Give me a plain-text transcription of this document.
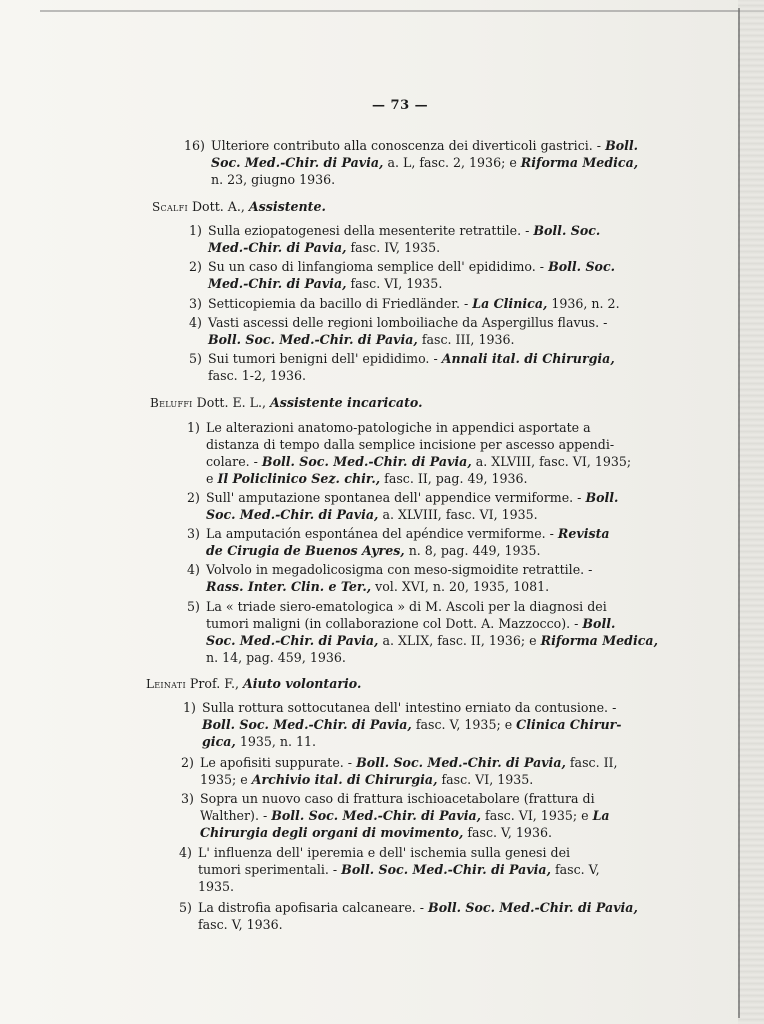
— 73 —
16) Ulteriore contributo alla conoscenza dei diverticoli gastrici. - Boll.
Soc. Med.-Chir. di Pavia, a. L, fasc. 2, 1936; e Riforma Medica,
n. 23, giugno 1936.
Scalfi Dott. A., Assistente.
1) Sulla eziopatogenesi della mesenterite retrattile. - Boll. Soc.
Med.-Chir. di Pavia, fasc. IV, 1935.
2) Su un caso di linfangioma semplice dell' epididimo. - Boll. Soc.
Med.-Chir. di Pavia, fasc. VI, 1935.
3) Setticopiemia da bacillo di Friedländer. - La Clinica, 1936, n. 2.
4) Vasti ascessi delle regioni lomboiliache da Aspergillus flavus. -
Boll. Soc. Med.-Chir. di Pavia, fasc. III, 1936.
5) Sui tumori benigni dell' epididimo. - Annali ital. di Chirurgia,
fasc. 1-2, 1936.
Beluffi Dott. E. L., Assistente incaricato.
1) Le alterazioni anatomo-patologiche in appendici asportate a
distanza di tempo dalla semplice incisione per ascesso appendi-
colare. - Boll. Soc. Med.-Chir. di Pavia, a. XLVIII, fasc. VI, 1935;
e Il Policlinico Sez. chir., fasc. II, pag. 49, 1936.
2) Sull' amputazione spontanea dell' appendice vermiforme. - Boll.
Soc. Med.-Chir. di Pavia, a. XLVIII, fasc. VI, 1935.
3) La amputación espontánea del apéndice vermiforme. - Revista
de Cirugia de Buenos Ayres, n. 8, pag. 449, 1935.
4) Volvolo in megadolicosigma con meso-sigmoidite retrattile. -
Rass. Inter. Clin. e Ter., vol. XVI, n. 20, 1935, 1081.
5) La « triade siero-ematologica » di M. Ascoli per la diagnosi dei
tumori maligni (in collaborazione col Dott. A. Mazzocco). - Boll.
Soc. Med.-Chir. di Pavia, a. XLIX, fasc. II, 1936; e Riforma Medica,
n. 14, pag. 459, 1936.
Leinati Prof. F., Aiuto volontario.
1) Sulla rottura sottocutanea dell' intestino erniato da contusione. -
Boll. Soc. Med.-Chir. di Pavia, fasc. V, 1935; e Clinica Chirur-
gica, 1935, n. 11.
2) Le apofisiti suppurate. - Boll. Soc. Med.-Chir. di Pavia, fasc. II,
1935; e Archivio ital. di Chirurgia, fasc. VI, 1935.
3) Sopra un nuovo caso di frattura ischioacetabolare (frattura di
Walther). - Boll. Soc. Med.-Chir. di Pavia, fasc. VI, 1935; e La
Chirurgia degli organi di movimento, fasc. V, 1936.
4) L' influenza dell' iperemia e dell' ischemia sulla genesi dei
tumori sperimentali. - Boll. Soc. Med.-Chir. di Pavia, fasc. V,
1935.
5) La distrofia apofisaria calcaneare. - Boll. Soc. Med.-Chir. di Pavia,
fasc. V, 1936.
